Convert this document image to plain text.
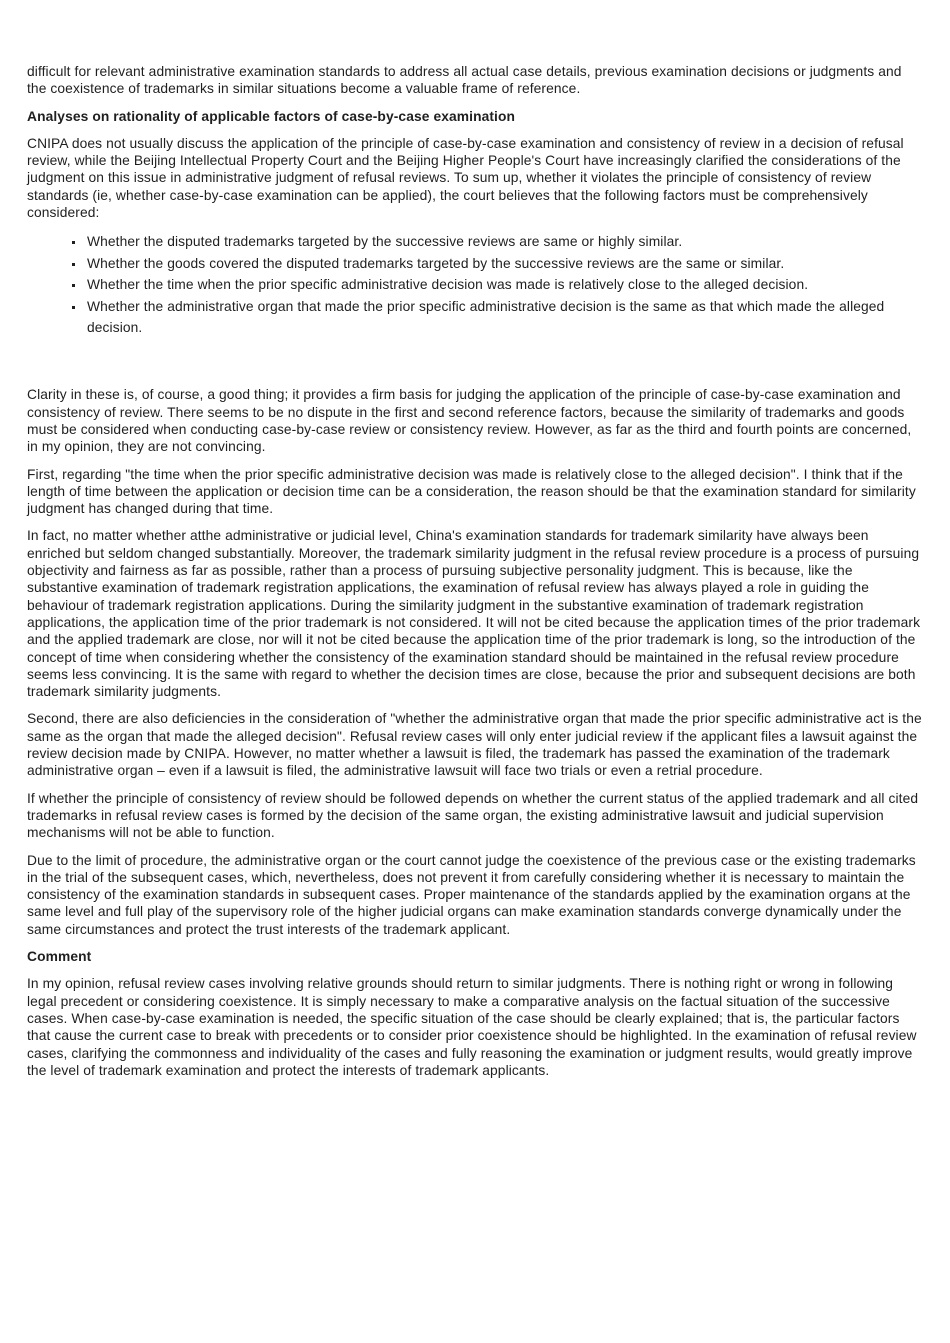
difficult for relevant administrative examination standards to address all actual case details, previous examination decisions or judgments and the coexistence of trademarks in similar situations become a valuable frame of reference.

Analyses on rationality of applicable factors of case-by-case examination

CNIPA does not usually discuss the application of the principle of case-by-case examination and consistency of review in a decision of refusal review, while the Beijing Intellectual Property Court and the Beijing Higher People's Court have increasingly clarified the considerations of the judgment on this issue in administrative judgment of refusal reviews. To sum up, whether it violates the principle of consistency of review standards (ie, whether case-by-case examination can be applied), the court believes that the following factors must be comprehensively considered:

▪ Whether the disputed trademarks targeted by the successive reviews are same or highly similar.
▪ Whether the goods covered the disputed trademarks targeted by the successive reviews are the same or similar.
▪ Whether the time when the prior specific administrative decision was made is relatively close to the alleged decision.
▪ Whether the administrative organ that made the prior specific administrative decision is the same as that which made the alleged decision.

Clarity in these is, of course, a good thing; it provides a firm basis for judging the application of the principle of case-by-case examination and consistency of review. There seems to be no dispute in the first and second reference factors, because the similarity of trademarks and goods must be considered when conducting case-by-case review or consistency review. However, as far as the third and fourth points are concerned, in my opinion, they are not convincing.

First, regarding "the time when the prior specific administrative decision was made is relatively close to the alleged decision". I think that if the length of time between the application or decision time can be a consideration, the reason should be that the examination standard for similarity judgment has changed during that time.

In fact, no matter whether atthe administrative or judicial level, China's examination standards for trademark similarity have always been enriched but seldom changed substantially. Moreover, the trademark similarity judgment in the refusal review procedure is a process of pursuing objectivity and fairness as far as possible, rather than a process of pursuing subjective personality judgment. This is because, like the substantive examination of trademark registration applications, the examination of refusal review has always played a role in guiding the behaviour of trademark registration applications. During the similarity judgment in the substantive examination of trademark registration applications, the application time of the prior trademark is not considered. It will not be cited because the application times of the prior trademark and the applied trademark are close, nor will it not be cited because the application time of the prior trademark is long, so the introduction of the concept of time when considering whether the consistency of the examination standard should be maintained in the refusal review procedure seems less convincing. It is the same with regard to whether the decision times are close, because the prior and subsequent decisions are both trademark similarity judgments.

Second, there are also deficiencies in the consideration of "whether the administrative organ that made the prior specific administrative act is the same as the organ that made the alleged decision". Refusal review cases will only enter judicial review if the applicant files a lawsuit against the review decision made by CNIPA. However, no matter whether a lawsuit is filed, the trademark has passed the examination of the trademark administrative organ – even if a lawsuit is filed, the administrative lawsuit will face two trials or even a retrial procedure.

If whether the principle of consistency of review should be followed depends on whether the current status of the applied trademark and all cited trademarks in refusal review cases is formed by the decision of the same organ, the existing administrative lawsuit and judicial supervision mechanisms will not be able to function.

Due to the limit of procedure, the administrative organ or the court cannot judge the coexistence of the previous case or the existing trademarks in the trial of the subsequent cases, which, nevertheless, does not prevent it from carefully considering whether it is necessary to maintain the consistency of the examination standards in subsequent cases. Proper maintenance of the standards applied by the examination organs at the same level and full play of the supervisory role of the higher judicial organs can make examination standards converge dynamically under the same circumstances and protect the trust interests of the trademark applicant.

Comment

In my opinion, refusal review cases involving relative grounds should return to similar judgments. There is nothing right or wrong in following legal precedent or considering coexistence. It is simply necessary to make a comparative analysis on the factual situation of the successive cases. When case-by-case examination is needed, the specific situation of the case should be clearly explained; that is, the particular factors that cause the current case to break with precedents or to consider prior coexistence should be highlighted. In the examination of refusal review cases, clarifying the commonness and individuality of the cases and fully reasoning the examination or judgment results, would greatly improve the level of trademark examination and protect the interests of trademark applicants.
